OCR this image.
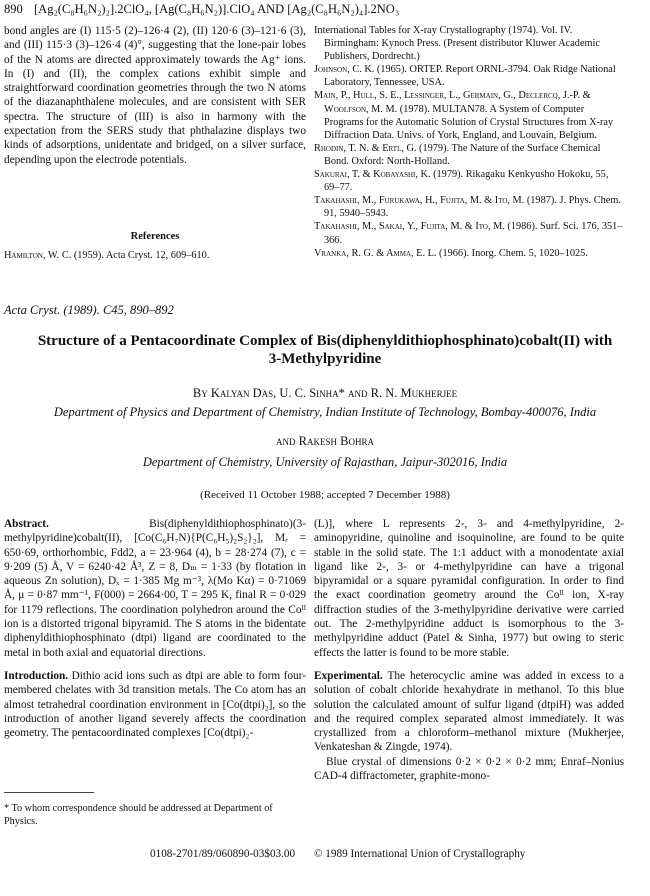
890 [Ag₂(C₈H₆N₂)₂].2ClO₄, [Ag(C₈H₆N₂)].ClO₄ AND [Ag₂(C₈H₆N₂)₄].2NO₃

bond angles are (I) 115·5 (2)–126·4 (2), (II) 120·6 (3)–121·6 (3), and (III) 115·3 (3)–126·4 (4)°, suggesting that the lone-pair lobes of the N atoms are directed approximately towards the Ag⁺ ions. In (I) and (II), the complex cations exhibit simple and straightforward coordination geometries through the two N atoms of the diazanaphthalene molecules, and are consistent with SER spectra. The structure of (III) is also in harmony with the expectation from the SERS study that phthalazine displays two kinds of adsorptions, unidentate and bridged, on a silver surface, depending upon the electrode potentials.

References
Hamilton, W. C. (1959). Acta Cryst. 12, 609–610.
International Tables for X-ray Crystallography (1974). Vol. IV. Birmingham: Kynoch Press. (Present distributor Kluwer Academic Publishers, Dordrecht.)
Johnson, C. K. (1965). ORTEP. Report ORNL-3794. Oak Ridge National Laboratory, Tennessee, USA.
Main, P., Hull, S. E., Lessinger, L., Germain, G., Declercq, J.-P. & Woolfson, M. M. (1978). MULTAN78. A System of Computer Programs for the Automatic Solution of Crystal Structures from X-ray Diffraction Data. Univs. of York, England, and Louvain, Belgium.
Rhodin, T. N. & Ertl, G. (1979). The Nature of the Surface Chemical Bond. Oxford: North-Holland.
Sakurai, T. & Kobayashi, K. (1979). Rikagaku Kenkyusho Hokoku, 55, 69–77.
Takahashi, M., Furukawa, H., Fujita, M. & Ito, M. (1987). J. Phys. Chem. 91, 5940–5943.
Takahashi, M., Sakai, Y., Fujita, M. & Ito, M. (1986). Surf. Sci. 176, 351–366.
Vranka, R. G. & Amma, E. L. (1966). Inorg. Chem. 5, 1020–1025.
Acta Cryst. (1989). C45, 890–892
Structure of a Pentacoordinate Complex of Bis(diphenyldithiophosphinato)cobalt(II) with
3-Methylpyridine
By Kalyan Das, U. C. Sinha* and R. N. Mukherjee
Department of Physics and Department of Chemistry, Indian Institute of Technology, Bombay-400076, India
and Rakesh Bohra
Department of Chemistry, University of Rajasthan, Jaipur-302016, India
(Received 11 October 1988; accepted 7 December 1988)

Abstract. Bis(diphenyldithiophosphinato)(3-methylpyridine)cobalt(II), [Co(C₆H₇N){P(C₆H₅)₂S₂}₂], Mᵣ = 650·69, orthorhombic, Fdd2, a = 23·964 (4), b = 28·274 (7), c = 9·209 (5) Å, V = 6240·42 Å³, Z = 8, Dₘ = 1·33 (by flotation in aqueous Zn solution), Dₓ = 1·385 Mg m⁻³, λ(Mo Kα) = 0·71069 Å, μ = 0·87 mm⁻¹, F(000) = 2664·00, T = 295 K, final R = 0·029 for 1179 reflections. The coordination polyhedron around the Coᴵᴵ ion is a distorted trigonal bipyramid. The S atoms in the bidentate diphenyldithiophosphinato (dtpi) ligand are coordinated to the metal in both axial and equatorial directions.

Introduction. Dithio acid ions such as dtpi are able to form four-membered chelates with 3d transition metals. The Co atom has an almost tetrahedral coordination environment in [Co(dtpi)₂], so the introduction of another ligand severely affects the coordination geometry. The pentacoordinated complexes [Co(dtpi)₂-

(L)], where L represents 2-, 3- and 4-methylpyridine, 2-aminopyridine, quinoline and isoquinoline, are found to be quite stable in the solid state. The 1:1 adduct with a monodentate axial ligand like 2-, 3- or 4-methylpyridine can have a trigonal bipyramidal or a square pyramidal configuration. In order to find the exact coordination geometry around the Coᴵᴵ ion, X-ray diffraction studies of the 3-methylpyridine derivative were carried out. The 2-methylpyridine adduct is isomorphous to the 3-methylpyridine adduct (Patel & Sinha, 1977) but owing to steric effects the latter is found to be more stable.

Experimental. The heterocyclic amine was added in excess to a solution of cobalt chloride hexahydrate in methanol. To this blue solution the calculated amount of sulfur ligand (dtpiH) was added and the required complex separated almost immediately. It was crystallized from a chloroform–methanol mixture (Mukherjee, Venkateshan & Zingde, 1974).

Blue crystal of dimensions 0·2 × 0·2 × 0·2 mm; Enraf–Nonius CAD-4 diffractometer, graphite-mono-

* To whom correspondence should be addressed at Department of Physics.
0108-2701/89/060890-03$03.00 © 1989 International Union of Crystallography
